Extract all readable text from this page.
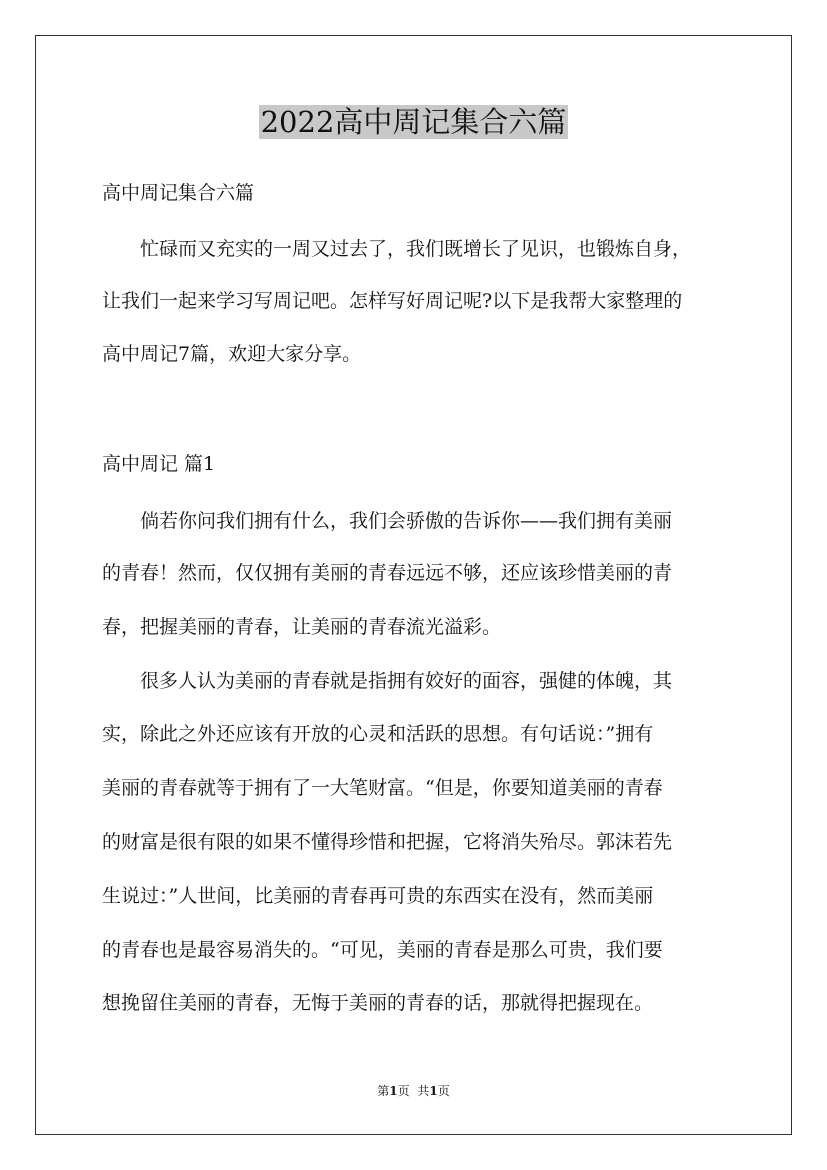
2022高中周记集合六篇
高中周记集合六篇
　　忙碌而又充实的一周又过去了，我们既增长了见识，也锻炼自身，
让我们一起来学习写周记吧。怎样写好周记呢?以下是我帮大家整理的
高中周记7篇，欢迎大家分享。
高中周记 篇1
　　倘若你问我们拥有什么，我们会骄傲的告诉你——我们拥有美丽
的青春！然而，仅仅拥有美丽的青春远远不够，还应该珍惜美丽的青
春，把握美丽的青春，让美丽的青春流光溢彩。
　　很多人认为美丽的青春就是指拥有姣好的面容，强健的体魄，其
实，除此之外还应该有开放的心灵和活跃的思想。有句话说：”拥有
美丽的青春就等于拥有了一大笔财富。“但是，你要知道美丽的青春
的财富是很有限的如果不懂得珍惜和把握，它将消失殆尽。郭沫若先
生说过：”人世间，比美丽的青春再可贵的东西实在没有，然而美丽
的青春也是最容易消失的。“可见，美丽的青春是那么可贵，我们要
想挽留住美丽的青春，无悔于美丽的青春的话，那就得把握现在。
第1页 共1页
